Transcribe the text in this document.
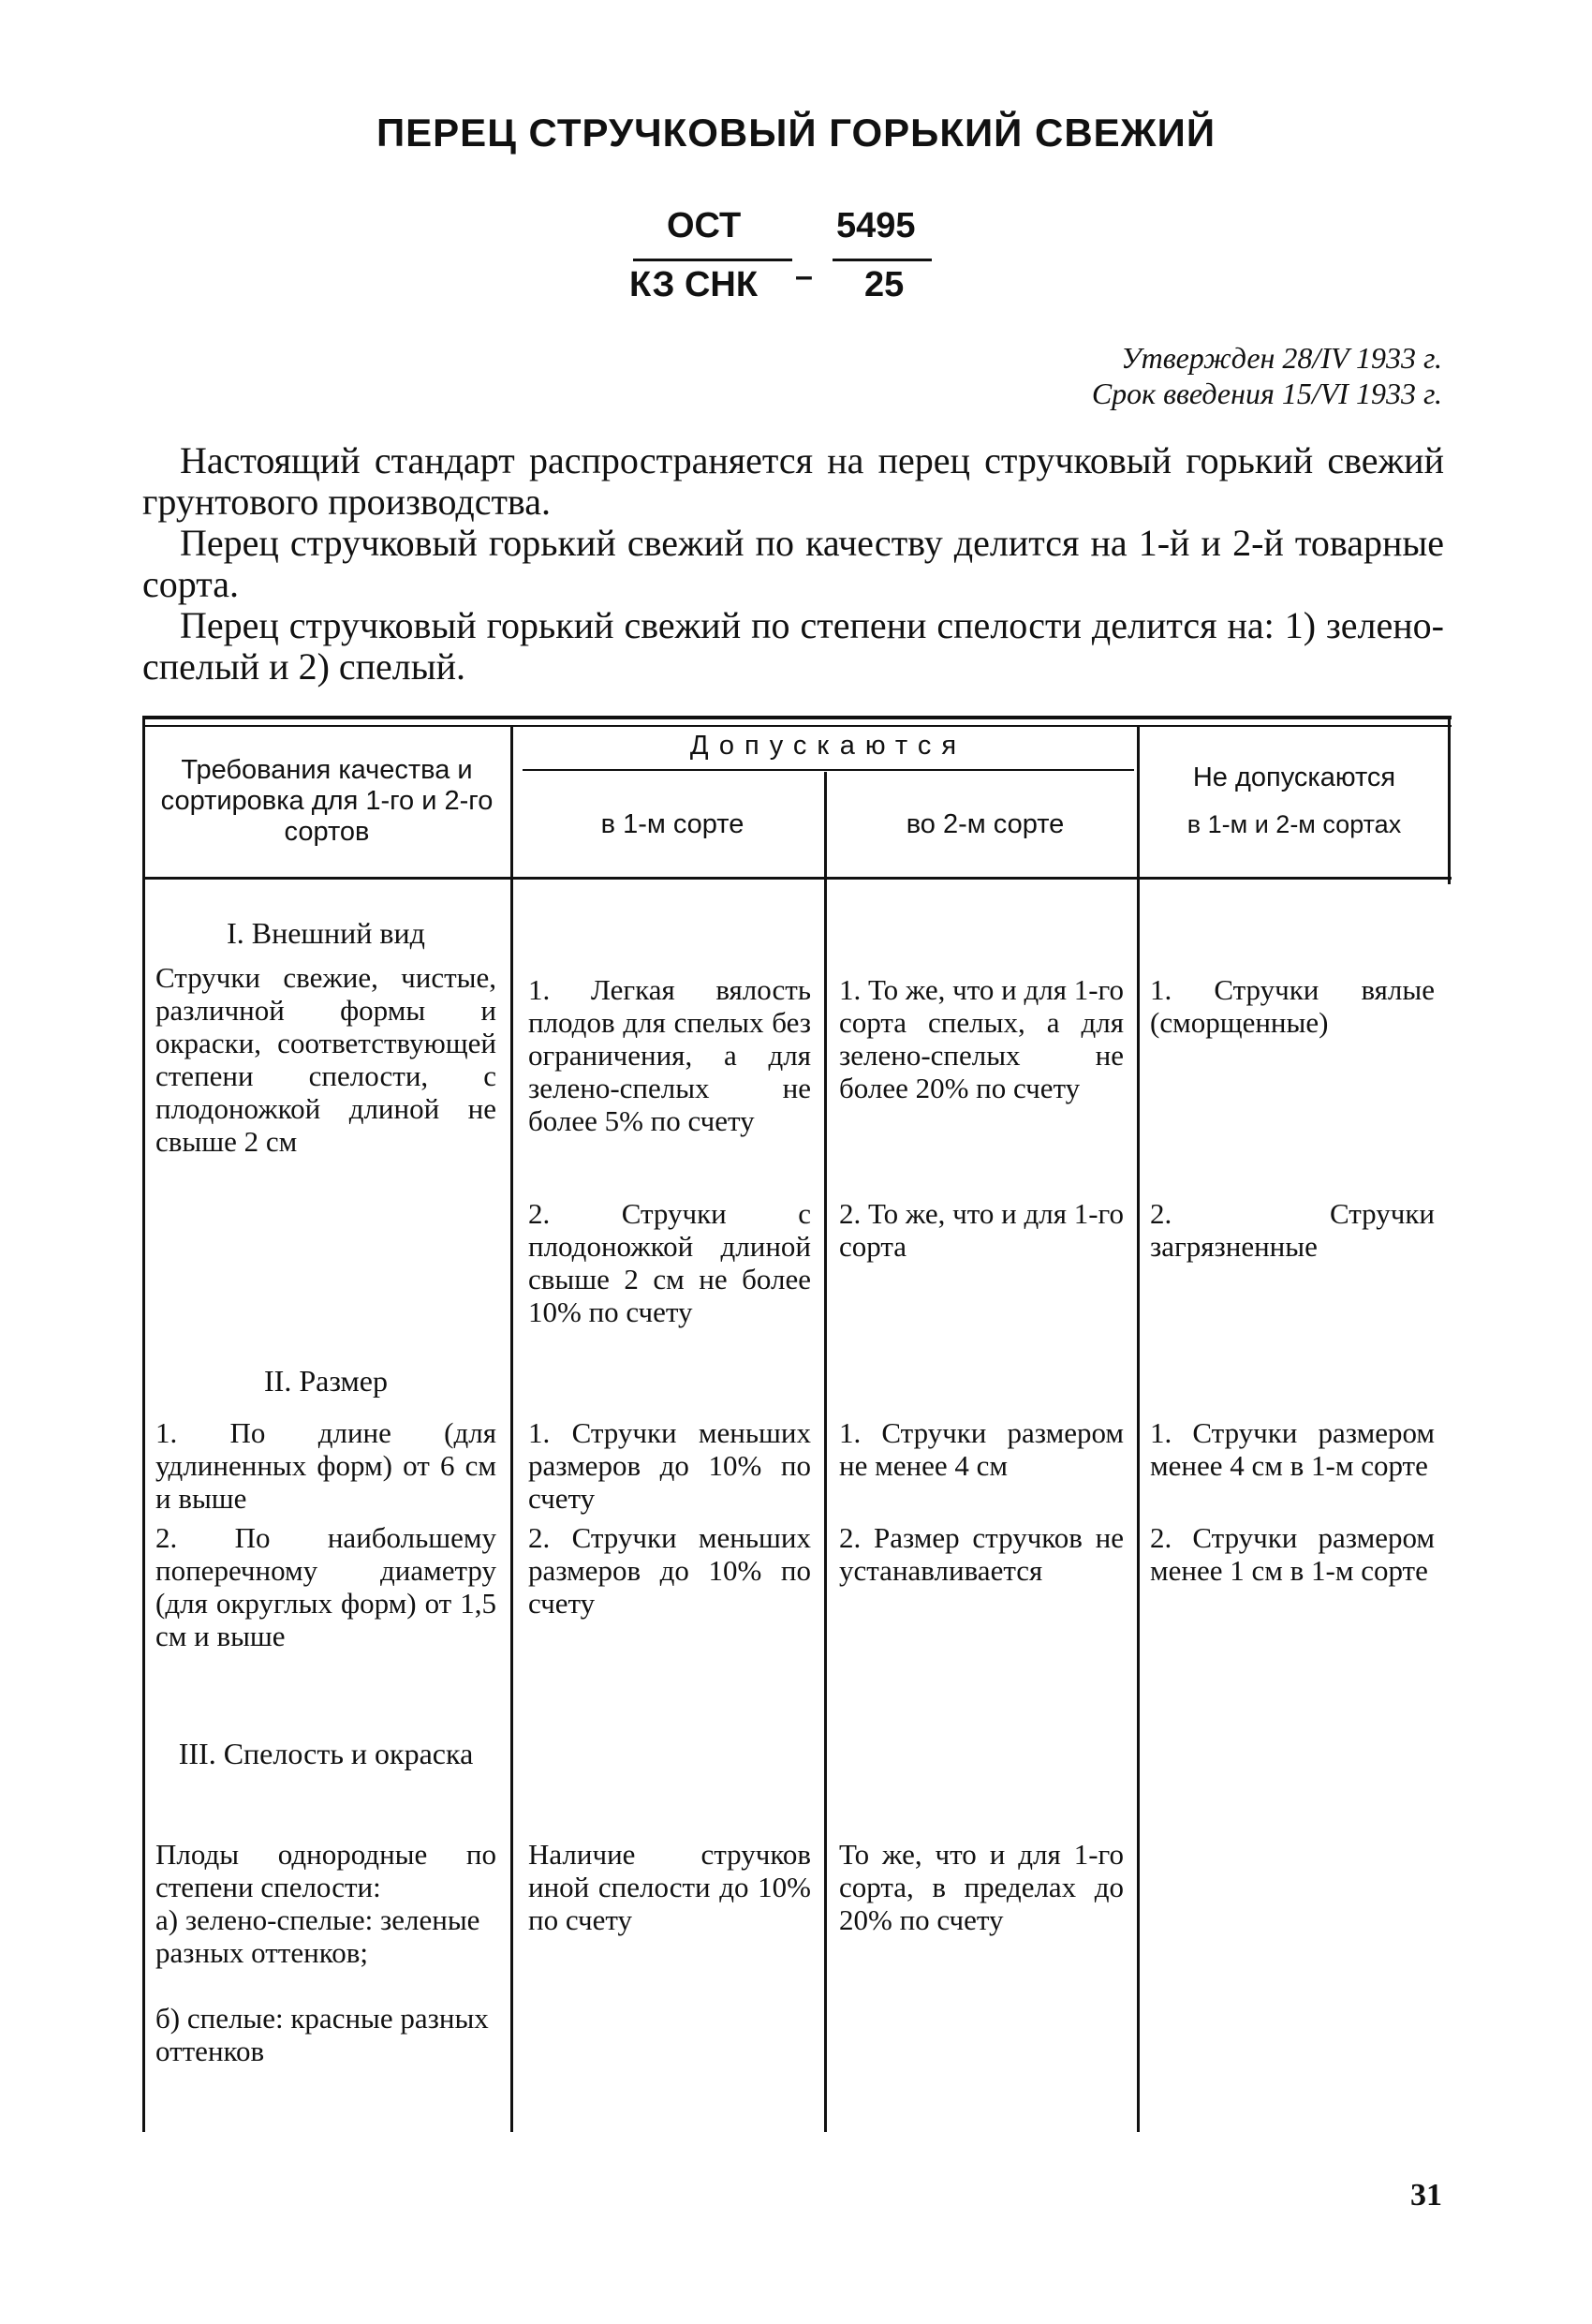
ПЕРЕЦ СТРУЧКОВЫЙ ГОРЬКИЙ СВЕЖИЙ
ОСТ
КЗ СНК
5495
25
–
Утвержден 28/IV 1933 г.
Срок введения 15/VI 1933 г.

Настоящий стандарт распространяется на перец стручковый горький свежий грунтового производства.

Перец стручковый горький свежий по качеству делится на 1-й и 2-й товарные сорта.

Перец стручковый горький свежий по степени спелости делится на: 1) зелено-спелый и 2) спелый.

Требования качества и сортировка для 1-го и 2-го сортов
Допускаются
в 1-м сорте	во 2-м сорте
Не допускаются
в 1-м и 2-м сортах
I. Внешний вид
Стручки свежие, чистые, различной формы и окраски, соответствующей степени спелости, с плодоножкой длиной не свыше 2 см
1. Легкая вялость плодов для спелых без ограничения, а для зелено-спелых не более 5% по счету
1. То же, что и для 1-го сорта спелых, а для зелено-спелых не более 20% по счету
1. Стручки вялые (сморщенные)
2. Стручки с плодоножкой длиной свыше 2 см не более 10% по счету
2. То же, что и для 1-го сорта
2. Стручки загрязненные
II. Размер
1. По длине (для удлиненных форм) от 6 см и выше
1. Стручки меньших размеров до 10% по счету
1. Стручки размером не менее 4 см
1. Стручки размером менее 4 см в 1-м сорте
2. По наибольшему поперечному диаметру (для округлых форм) от 1,5 см и выше
2. Стручки меньших размеров до 10% по счету
2. Размер стручков не устанавливается
2. Стручки размером менее 1 см в 1-м сорте
III. Спелость и окраска
Плоды однородные по степени спелости:
а) зелено-спелые: зеленые разных оттенков;
б) спелые: красные разных оттенков
Наличие стручков иной спелости до 10% по счету
То же, что и для 1-го сорта, в пределах до 20% по счету
31
